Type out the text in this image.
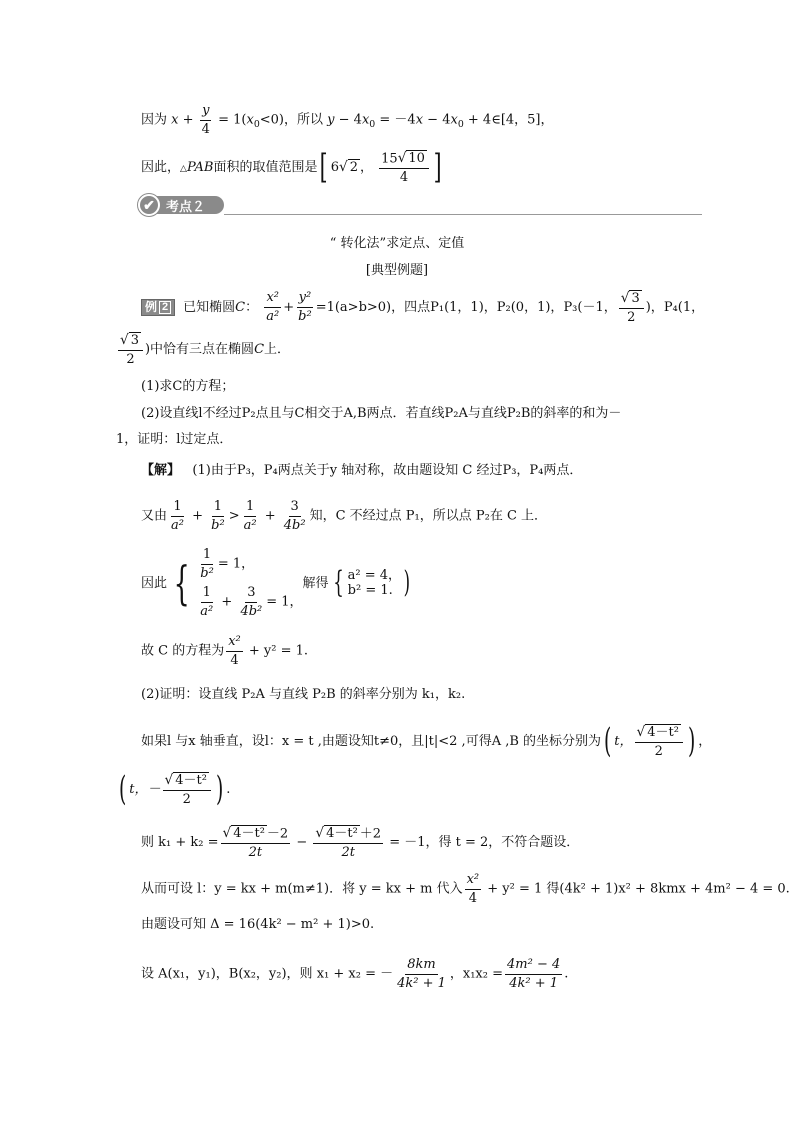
因为 $x + \frac{y}{4} = 1(x_0<0)$，所以 $y - 4x_0 = -4x - 4x_0$ + 4∈[4，5]，
因此，△PAB面积的取值范围是[ 6 √ 2 ， $\frac{15 √ 10}{4}$ ]
✔ 考点２
“ 转化法”求定点、定值
[典型例题]
例 2 已知椭圆C： $\frac{\text{x²}}{\text{a²}} + \frac{\text{y²}}{\text{b²}} =1(a>b>0)$，四点P₁(1，1)，P₂(0，1)，P₃(－1， $\frac{√ 3}{2}$ )，P₄(1，
$\frac{√ 3}{2}$ )中恰有三点在椭圆C上．
(1)求C的方程；
(2)设直线l不经过P₂点且与C相交于A,B两点．若直线P₂A与直线P₂B的斜率的和为－
1，证明：l过定点．
【解】 (1)由于P₃，P₄两点关于y 轴对称，故由题设知 C 经过P₃，P₄两点．
又由 $\frac{1}{\text{a²}} + \frac{1}{\text{b²}} > \frac{1}{\text{a²}} + \frac{3}{\text{4b²}}$ 知，C 不经过点 P₁，所以点 P₂在 C 上．
因此 { $\frac{1}{\text{b²}} = 1$，
$\frac{1}{\text{a²}} + \frac{3}{\text{4b²}} = 1$，
解得 { a² = 4，
b² = 1. )
故 C 的方程为 $\frac{\text{x²}}{4} + y^2 = 1$.
(2)证明：设直线 P₂A 与直线 P₂B 的斜率分别为 k₁，k₂.
如果l 与x 轴垂直，设l：x = t ,由题设知t≠0，且|t|<2 ,可得A ,B 的坐标分别为( t， $\frac{\text{√ 4－t²}}{2}$ ) ，
( t，－ $\frac{\text{√ 4－t²}}{2}$ ) .
则 $k_1 + k_2 = \frac{\text{√ 4－t² －2}}{2t} - \frac{\text{√ 4－t² ＋2}}{2t} = -1$，得 t = 2，不符合题设．
从而可设 l：y = kx + m(m≠1)．将 y = kx + m 代入 $\frac{\text{x²}}{4} + y^2 = 1$ 得(4k² + 1)x² + 8kmx + 4m² − 4 = 0.
由题设可知 Δ = 16(4k² − m² + 1)>0.
设 A(x₁，y₁)，B(x₂，y₂)，则 x₁ + x₂ = － $\frac{8km}{\text{4k² + 1}}$ ，$x_1x_2 = \frac{\text{4m² − 4}}{\text{4k² + 1}}$ .
